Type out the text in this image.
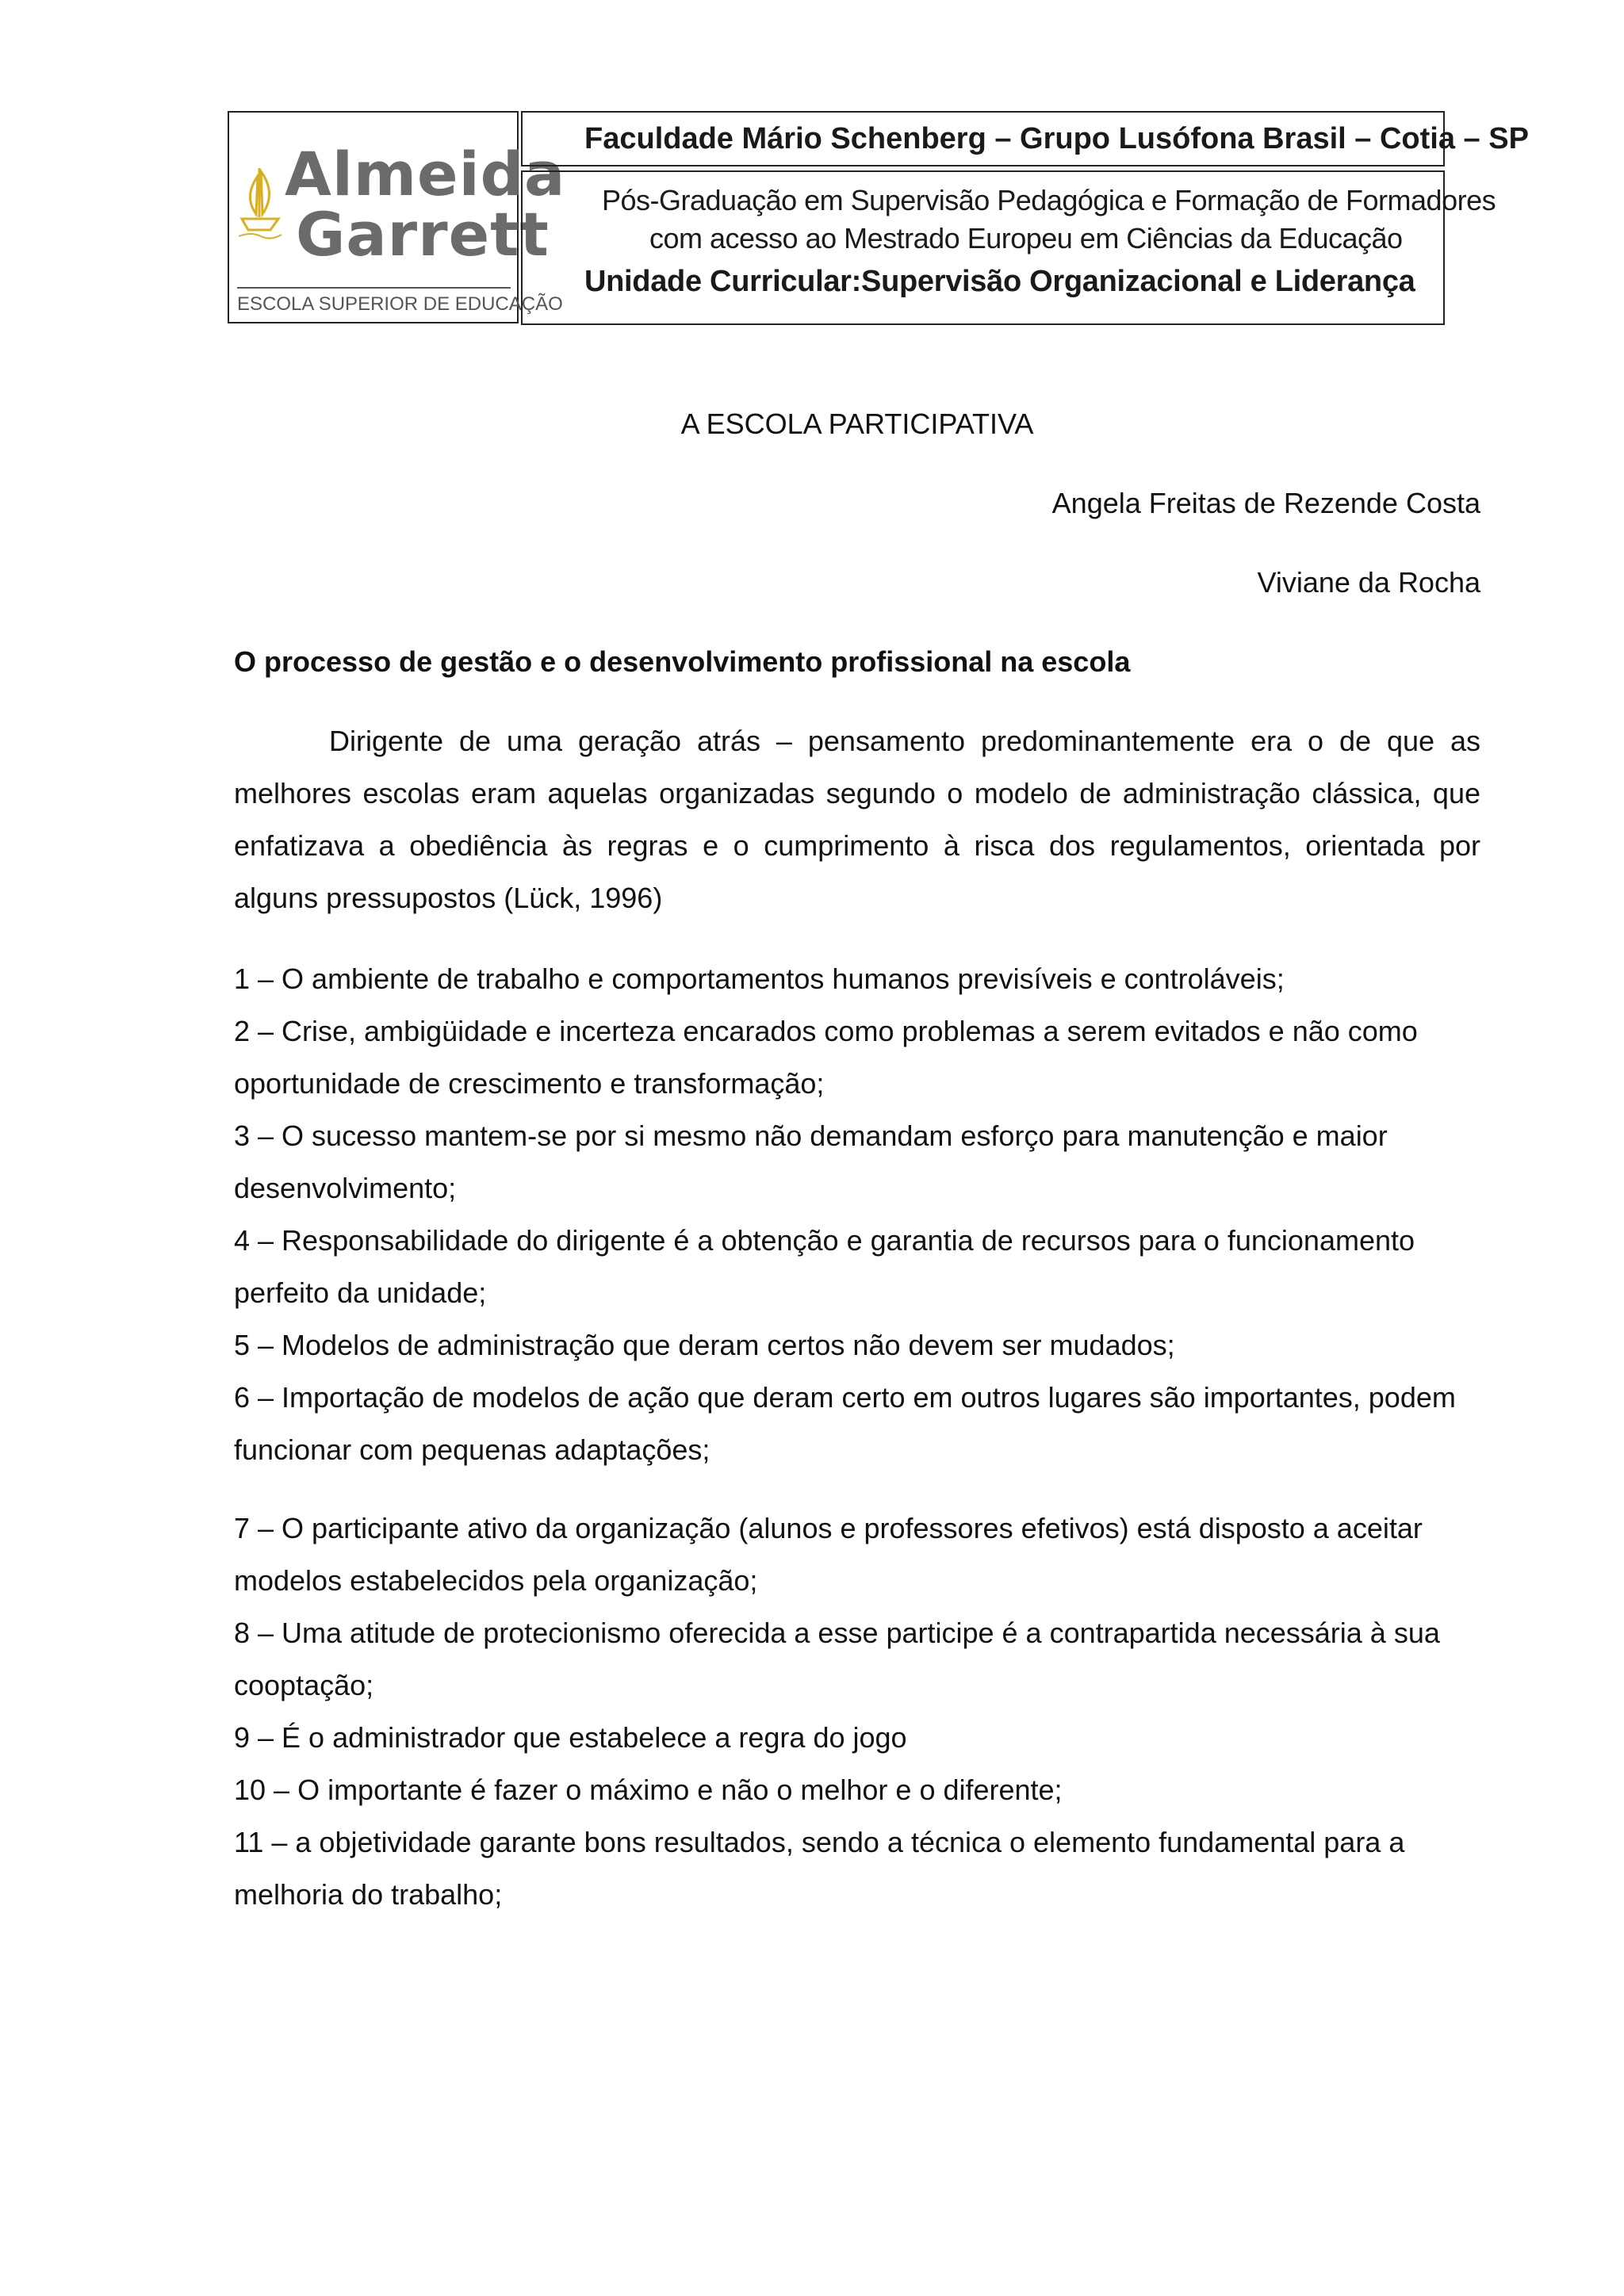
Almeida
Garrett
ESCOLA SUPERIOR DE EDUCAÇÃO
Faculdade Mário Schenberg – Grupo Lusófona Brasil – Cotia – SP
Pós-Graduação em Supervisão Pedagógica e Formação de Formadores
com acesso ao Mestrado Europeu em Ciências da Educação
Unidade Curricular:Supervisão Organizacional e Liderança
A ESCOLA PARTICIPATIVA
Angela Freitas de Rezende Costa
Viviane da Rocha
O processo de gestão e o desenvolvimento profissional na escola

Dirigente de uma geração atrás – pensamento predominantemente era o de que as melhores escolas eram aquelas organizadas segundo o modelo de administração clássica, que enfatizava a obediência às regras e o cumprimento à risca dos regulamentos, orientada por alguns pressupostos (Lück, 1996)

1 – O ambiente de trabalho e comportamentos humanos previsíveis e controláveis;
2 – Crise, ambigüidade e incerteza encarados como problemas a serem evitados e não como oportunidade de crescimento e transformação;
3 – O sucesso mantem-se por si mesmo não demandam esforço para manutenção e maior desenvolvimento;
4 – Responsabilidade do dirigente é a obtenção e garantia de recursos para o funcionamento perfeito da unidade;
5 – Modelos de administração que deram certos não devem ser mudados;
6 – Importação de modelos de ação que deram certo em outros lugares são importantes, podem funcionar com pequenas adaptações;
7 – O participante ativo da organização (alunos e professores efetivos) está disposto a aceitar modelos estabelecidos pela organização;
8 – Uma atitude de protecionismo oferecida a esse participe é a contrapartida necessária à sua cooptação;
9 – É o administrador que estabelece a regra do jogo
10 – O importante é fazer o máximo e não o melhor e o diferente;
11 – a objetividade garante bons resultados, sendo a técnica o elemento fundamental para a melhoria do trabalho;
